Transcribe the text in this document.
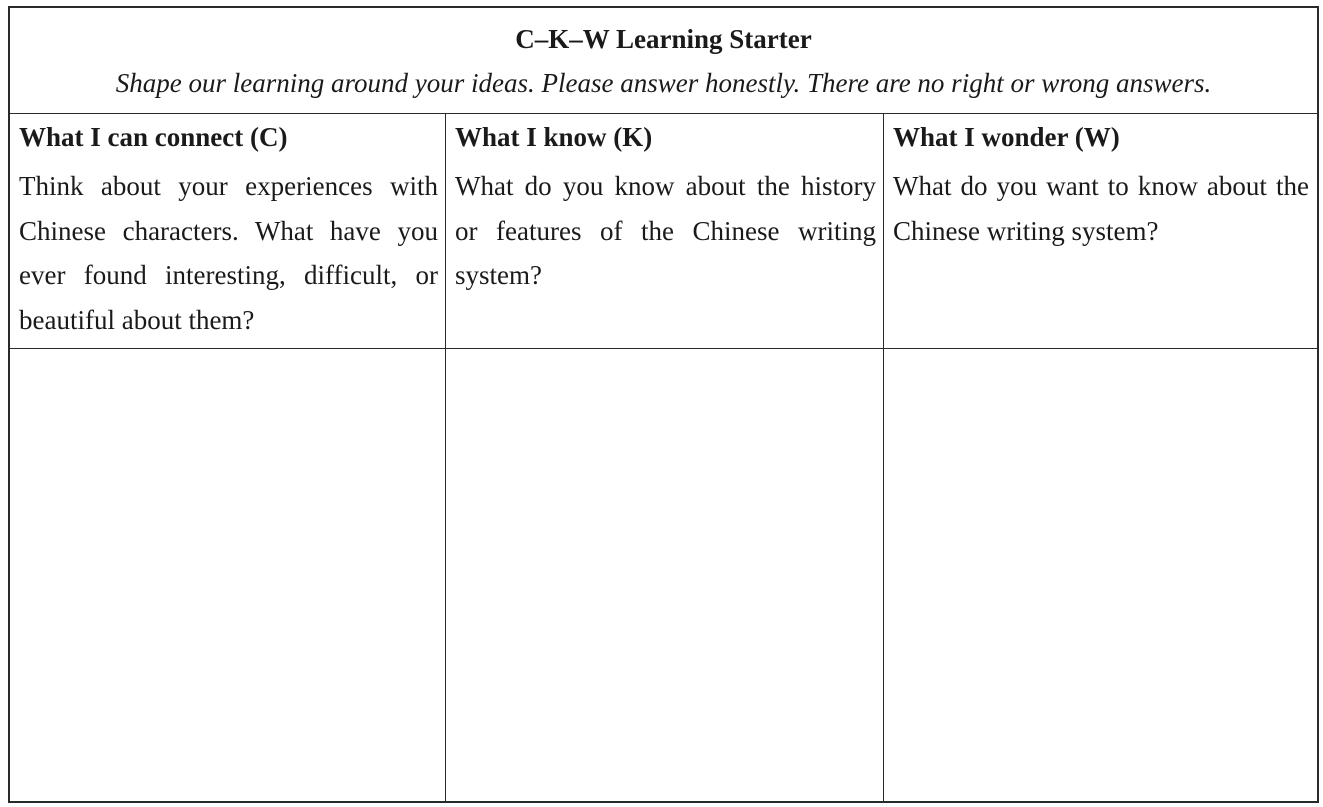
C–K–W Learning Starter
Shape our learning around your ideas. Please answer honestly. There are no right or wrong answers.
What I can connect (C)

Think about your experiences with Chinese characters. What have you ever found interesting, difficult, or beautiful about them?

What I know (K)

What do you know about the history or features of the Chinese writing system?

What I wonder (W)

What do you want to know about the Chinese writing system?
